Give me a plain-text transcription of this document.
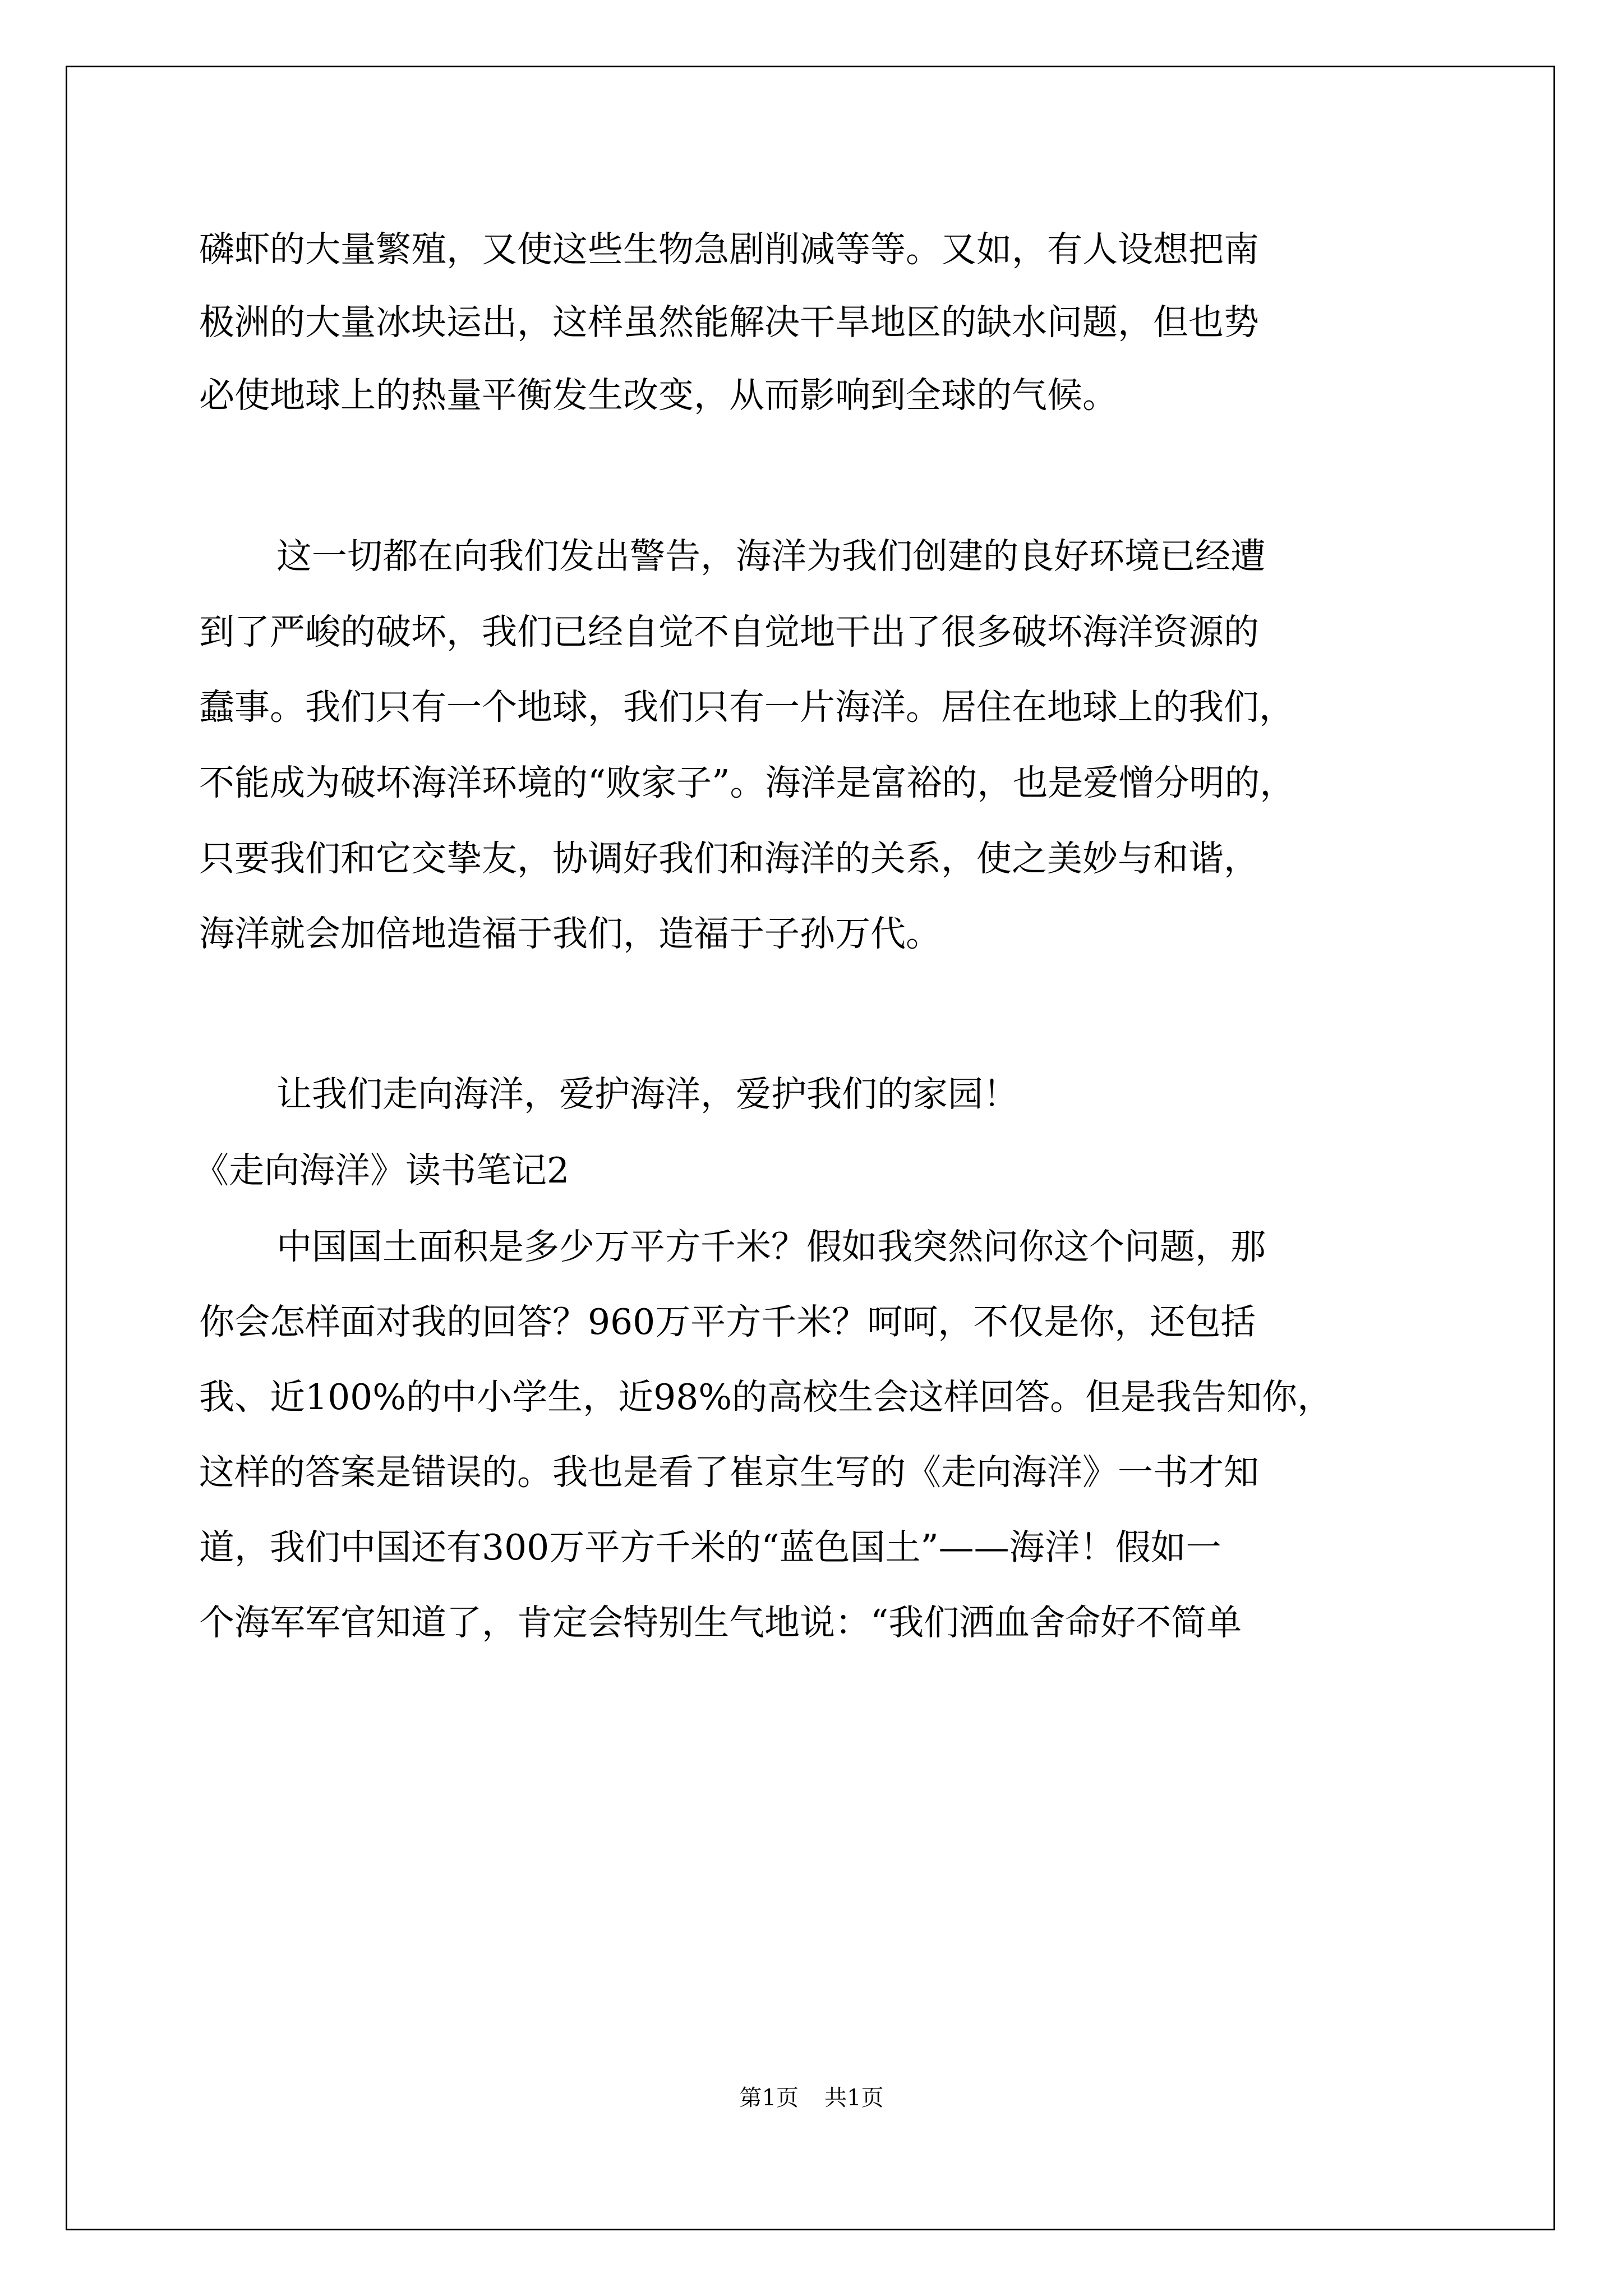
磷虾的大量繁殖，又使这些生物急剧削减等等。又如，有人设想把南

极洲的大量冰块运出，这样虽然能解决干旱地区的缺水问题，但也势

必使地球上的热量平衡发生改变，从而影响到全球的气候。

这一切都在向我们发出警告，海洋为我们创建的良好环境已经遭

到了严峻的破坏，我们已经自觉不自觉地干出了很多破坏海洋资源的

蠢事。我们只有一个地球，我们只有一片海洋。居住在地球上的我们，

不能成为破坏海洋环境的“败家子”。海洋是富裕的，也是爱憎分明的，

只要我们和它交挚友，协调好我们和海洋的关系，使之美妙与和谐，

海洋就会加倍地造福于我们，造福于子孙万代。

让我们走向海洋，爱护海洋，爱护我们的家园！

《走向海洋》读书笔记2

中国国土面积是多少万平方千米？假如我突然问你这个问题，那

你会怎样面对我的回答？960万平方千米？呵呵，不仅是你，还包括

我、近100%的中小学生，近98%的高校生会这样回答。但是我告知你，

这样的答案是错误的。我也是看了崔京生写的《走向海洋》一书才知

道，我们中国还有300万平方千米的“蓝色国土”——海洋！假如一

个海军军官知道了，肯定会特别生气地说：“我们洒血舍命好不简单

第1页 共1页
